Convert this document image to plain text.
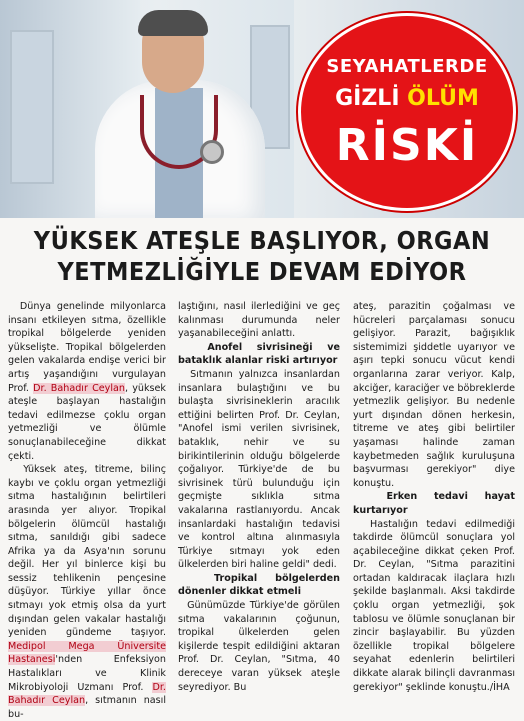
SEYAHATLERDE
GİZLİ ÖLÜM
RİSKİ
YÜKSEK ATEŞLE BAŞLIYOR, ORGAN
YETMEZLİĞİYLE DEVAM EDİYOR

Dünya genelinde milyonlarca insanı etkileyen sıtma, özellikle tropikal bölgelerde yeniden yükselişte. Tropikal bölgelerden gelen vakalarda endişe verici bir artış yaşandığını vurgulayan Prof. Dr. Bahadır Ceylan, yüksek ateşle başlayan hastalığın tedavi edilmezse çoklu organ yetmezliği ve ölümle sonuçlanabileceğine dikkat çekti.

Yüksek ateş, titreme, bilinç kaybı ve çoklu organ yetmezliği sıtma hastalığının belirtileri arasında yer alıyor. Tropikal bölgelerin ölümcül hastalığı sıtma, sanıldığı gibi sadece Afrika ya da Asya'nın sorunu değil. Her yıl binlerce kişi bu sessiz tehlikenin pençesine düşüyor. Türkiye yıllar önce sıtmayı yok etmiş olsa da yurt dışından gelen vakalar hastalığı yeniden gündeme taşıyor. Medipol Mega Üniversite Hastanesi'nden Enfeksiyon Hastalıkları ve Klinik Mikrobiyoloji Uzmanı Prof. Dr. Bahadır Ceylan, sıtmanın nasıl bu-

laştığını, nasıl ilerlediğini ve geç kalınması durumunda neler yaşanabileceğini anlattı.

Anofel sivrisineği ve bataklık alanlar riski artırıyor

Sıtmanın yalnızca insanlardan insanlara bulaştığını ve bu bulaşta sivrisineklerin aracılık ettiğini belirten Prof. Dr. Ceylan, "Anofel ismi verilen sivrisinek, bataklık, nehir ve su birikintilerinin olduğu bölgelerde çoğalıyor. Türkiye'de de bu sivrisinek türü bulunduğu için geçmişte sıklıkla sıtma vakalarına rastlanıyordu. Ancak insanlardaki hastalığın tedavisi ve kontrol altına alınmasıyla Türkiye sıtmayı yok eden ülkelerden biri haline geldi" dedi.

Tropikal bölgelerden dönenler dikkat etmeli

Günümüzde Türkiye'de görülen sıtma vakalarının çoğunun, tropikal ülkelerden gelen kişilerde tespit edildiğini aktaran Prof. Dr. Ceylan, "Sıtma, 40 dereceye varan yüksek ateşle seyrediyor. Bu

ateş, parazitin çoğalması ve hücreleri parçalaması sonucu gelişiyor. Parazit, bağışıklık sistemimizi şiddetle uyarıyor ve aşırı tepki sonucu vücut kendi organlarına zarar veriyor. Kalp, akciğer, karaciğer ve böbreklerde yetmezlik gelişiyor. Bu nedenle yurt dışından dönen herkesin, titreme ve ateş gibi belirtiler yaşaması halinde zaman kaybetmeden sağlık kuruluşuna başvurması gerekiyor" diye konuştu.

Erken tedavi hayat kurtarıyor

Hastalığın tedavi edilmediği takdirde ölümcül sonuçlara yol açabileceğine dikkat çeken Prof. Dr. Ceylan, "Sıtma parazitini ortadan kaldıracak ilaçlara hızlı şekilde başlanmalı. Aksi takdirde çoklu organ yetmezliği, şok tablosu ve ölümle sonuçlanan bir zincir başlayabilir. Bu yüzden özellikle tropikal bölgelere seyahat edenlerin belirtileri dikkate alarak bilinçli davranması gerekiyor" şeklinde konuştu./İHA
